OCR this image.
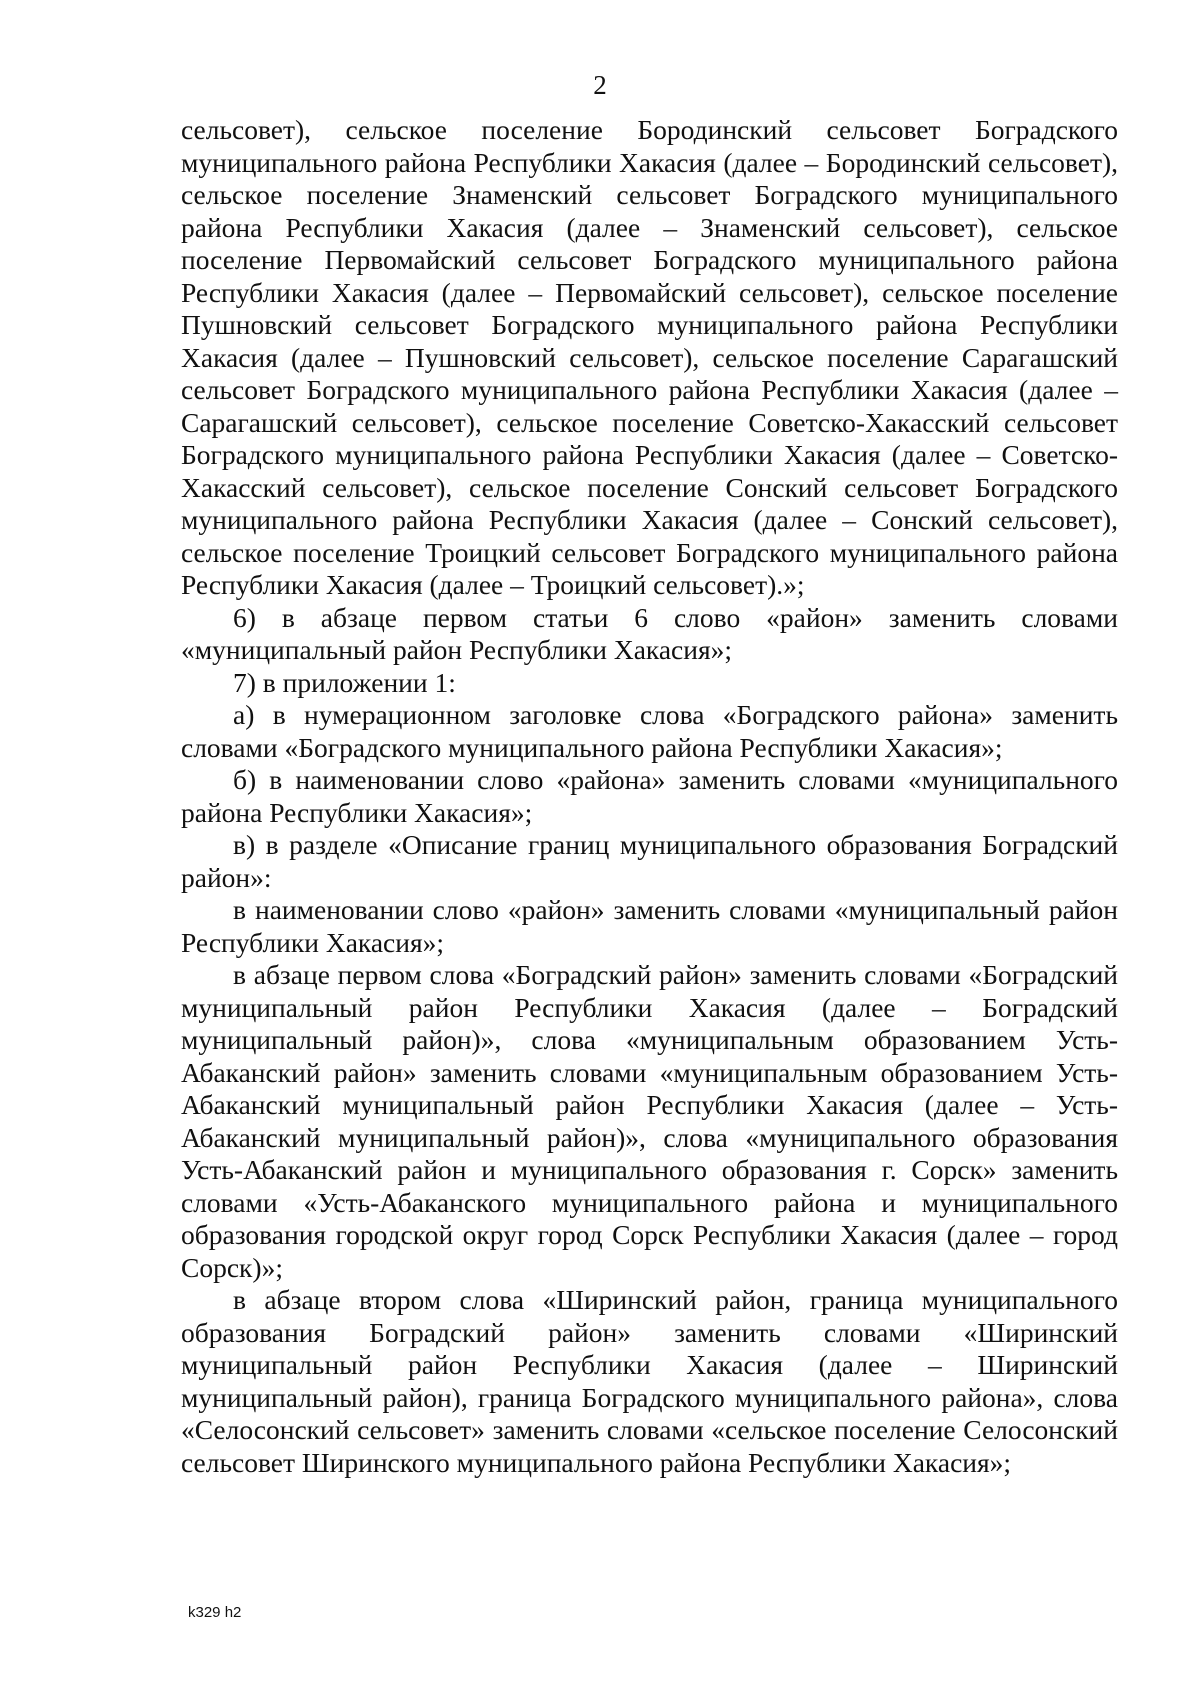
2

сельсовет), сельское поселение Бородинский сельсовет Боградского муниципального района Республики Хакасия (далее – Бородинский сельсовет), сельское поселение Знаменский сельсовет Боградского муниципального района Республики Хакасия (далее – Знаменский сельсовет), сельское поселение Первомайский сельсовет Боградского муниципального района Республики Хакасия (далее – Первомайский сельсовет), сельское поселение Пушновский сельсовет Боградского муниципального района Республики Хакасия (далее – Пушновский сельсовет), сельское поселение Сарагашский сельсовет Боградского муниципального района Республики Хакасия (далее – Сарагашский сельсовет), сельское поселение Советско-Хакасский сельсовет Боградского муниципального района Республики Хакасия (далее – Советско-Хакасский сельсовет), сельское поселение Сонский сельсовет Боградского муниципального района Республики Хакасия (далее – Сонский сельсовет), сельское поселение Троицкий сельсовет Боградского муниципального района Республики Хакасия (далее – Троицкий сельсовет).»;

6) в абзаце первом статьи 6 слово «район» заменить словами «муниципальный район Республики Хакасия»;

7) в приложении 1:

а) в нумерационном заголовке слова «Боградского района» заменить словами «Боградского муниципального района Республики Хакасия»;

б) в наименовании слово «района» заменить словами «муниципального района Республики Хакасия»;

в) в разделе «Описание границ муниципального образования Боградский район»:

в наименовании слово «район» заменить словами «муниципальный район Республики Хакасия»;

в абзаце первом слова «Боградский район» заменить словами «Боградский муниципальный район Республики Хакасия (далее – Боградский муниципальный район)», слова «муниципальным образованием Усть-Абаканский район» заменить словами «муниципальным образованием Усть-Абаканский муниципальный район Республики Хакасия (далее – Усть-Абаканский муниципальный район)», слова «муниципального образования Усть-Абаканский район и муниципального образования г. Сорск» заменить словами «Усть-Абаканского муниципального района и муниципального образования городской округ город Сорск Республики Хакасия (далее – город Сорск)»;

в абзаце втором слова «Ширинский район, граница муниципального образования Боградский район» заменить словами «Ширинский муниципальный район Республики Хакасия (далее – Ширинский муниципальный район), граница Боградского муниципального района», слова «Селосонский сельсовет» заменить словами «сельское поселение Селосонский сельсовет Ширинского муниципального района Республики Хакасия»;

k329 h2
